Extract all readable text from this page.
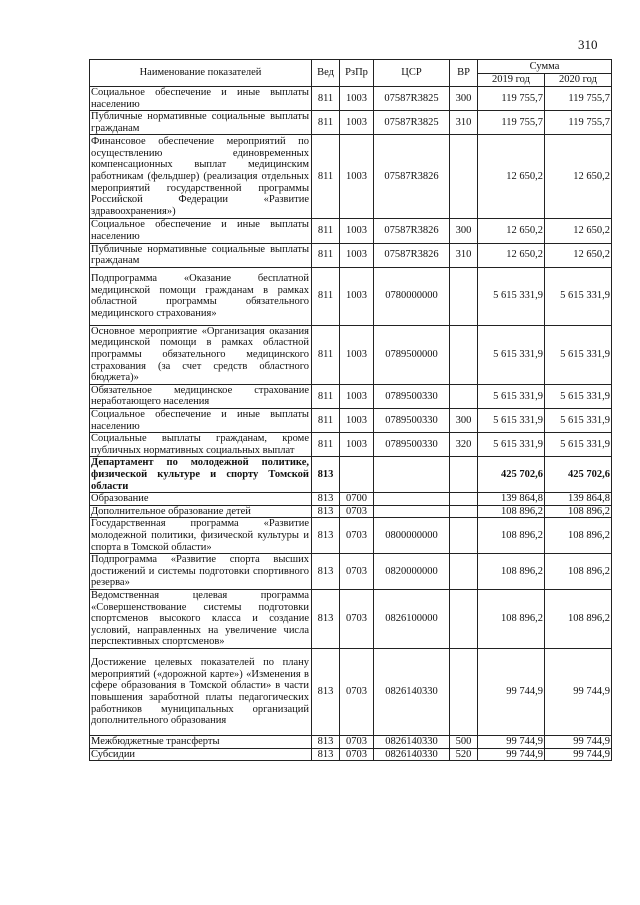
310
Наименование показателей	Вед	РзПр	ЦСР	ВР	Сумма	
					2019 год	2020 год
Социальное обеспечение и иные выплаты населению	811	1003	07587R3825	300	119 755,7	119 755,7
Публичные нормативные социальные выплаты гражданам	811	1003	07587R3825	310	119 755,7	119 755,7
Финансовое обеспечение мероприятий по осуществлению единовременных компенсационных выплат медицинским работникам (фельдшер) (реализация отдельных мероприятий государственной программы Российской Федерации «Развитие здравоохранения»)	811	1003	07587R3826		12 650,2	12 650,2
Социальное обеспечение и иные выплаты населению	811	1003	07587R3826	300	12 650,2	12 650,2
Публичные нормативные социальные выплаты гражданам	811	1003	07587R3826	310	12 650,2	12 650,2
Подпрограмма «Оказание бесплатной медицинской помощи гражданам в рамках областной программы обязательного медицинского страхования»	811	1003	0780000000		5 615 331,9	5 615 331,9
Основное мероприятие «Организация оказания медицинской помощи в рамках областной программы обязательного медицинского страхования (за счет средств областного бюджета)»	811	1003	0789500000		5 615 331,9	5 615 331,9
Обязательное медицинское страхование неработающего населения	811	1003	0789500330		5 615 331,9	5 615 331,9
Социальное обеспечение и иные выплаты населению	811	1003	0789500330	300	5 615 331,9	5 615 331,9
Социальные выплаты гражданам, кроме публичных нормативных социальных выплат	811	1003	0789500330	320	5 615 331,9	5 615 331,9
Департамент по молодежной политике, физической культуре и спорту Томской области	813				425 702,6	425 702,6
Образование	813	0700			139 864,8	139 864,8
Дополнительное образование детей	813	0703			108 896,2	108 896,2
Государственная программа «Развитие молодежной политики, физической культуры и спорта в Томской области»	813	0703	0800000000		108 896,2	108 896,2
Подпрограмма «Развитие спорта высших достижений и системы подготовки спортивного резерва»	813	0703	0820000000		108 896,2	108 896,2
Ведомственная целевая программа «Совершенствование системы подготовки спортсменов высокого класса и создание условий, направленных на увеличение числа перспективных спортсменов»	813	0703	0826100000		108 896,2	108 896,2
Достижение целевых показателей по плану мероприятий («дорожной карте») «Изменения в сфере образования в Томской области» в части повышения заработной платы педагогических работников муниципальных организаций дополнительного образования	813	0703	0826140330		99 744,9	99 744,9
Межбюджетные трансферты	813	0703	0826140330	500	99 744,9	99 744,9
Субсидии	813	0703	0826140330	520	99 744,9	99 744,9
